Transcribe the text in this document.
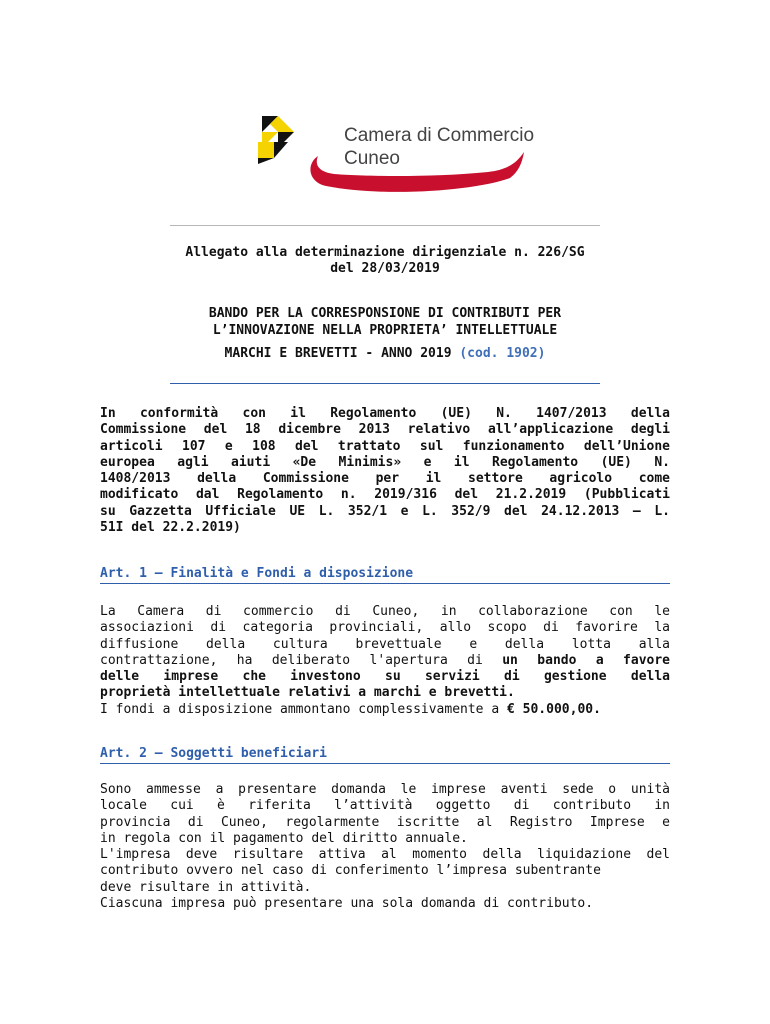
Camera di Commercio
Cuneo
Allegato alla determinazione dirigenziale n. 226/SG
del 28/03/2019
BANDO PER LA CORRESPONSIONE DI CONTRIBUTI PER
L’INNOVAZIONE NELLA PROPRIETA’ INTELLETTUALE
MARCHI E BREVETTI - ANNO 2019 (cod. 1902)
In conformità con il Regolamento (UE) N. 1407/2013 della
Commissione del 18 dicembre 2013 relativo all’applicazione degli
articoli 107 e 108 del trattato sul funzionamento dell’Unione
europea agli aiuti «De Minimis» e il Regolamento (UE) N.
1408/2013 della Commissione per il settore agricolo come
modificato dal Regolamento n. 2019/316 del 21.2.2019 (Pubblicati
su Gazzetta Ufficiale UE L. 352/1 e L. 352/9 del 24.12.2013 – L.
51I del 22.2.2019)
Art. 1 – Finalità e Fondi a disposizione
La Camera di commercio di Cuneo, in collaborazione con le
associazioni di categoria provinciali, allo scopo di favorire la
diffusione della cultura brevettuale e della lotta alla
contrattazione, ha deliberato l'apertura di un bando a favore
delle imprese che investono su servizi di gestione della
proprietà intellettuale relativi a marchi e brevetti.
I fondi a disposizione ammontano complessivamente a € 50.000,00.
Art. 2 – Soggetti beneficiari
Sono ammesse a presentare domanda le imprese aventi sede o unità
locale cui è riferita l’attività oggetto di contributo in
provincia di Cuneo, regolarmente iscritte al Registro Imprese e
in regola con il pagamento del diritto annuale.
L'impresa deve risultare attiva al momento della liquidazione del
contributo ovvero nel caso di conferimento l’impresa subentrante
deve risultare in attività.
Ciascuna impresa può presentare una sola domanda di contributo.
